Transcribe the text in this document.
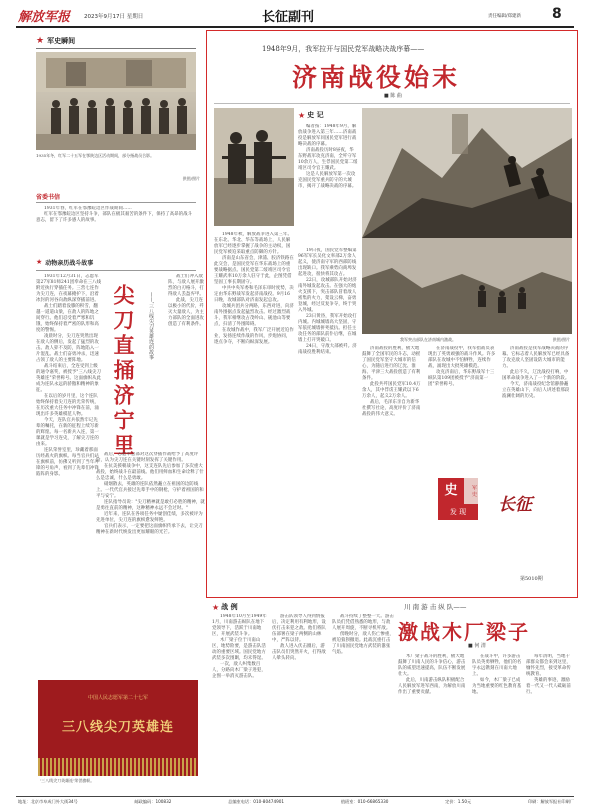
解放军报	2023年9月17日 星期日	长征副刊	责任编辑/郑建新 8
★ 军史瞬间
1935年冬，红军二十五军在鄂陕边区活动期间，部分指战员合影。
供图/照片
省委书信

1931年春，红军在鄂豫皖边区作战期间……

红军在鄂豫皖边区坚持斗争，部队在极其艰苦的条件下，保持了高昂的战斗意志，留下了许多感人的故事。

★ 动物亲历战斗故事

1931年12月31日，志愿军第27军81师241团奉命在三八线附近执行穿插任务。三营七连作为尖刀连，在夜幕掩护下，沿着冰封的河谷向敌纵深穿插前进。

战士们踏着没膝的积雪，翻越一道道山梁，在敌人的阵地之间穿行。他们忍受着严寒和饥饿，始终保持着严密的队形和高度的警惕。

凌晨时分，尖刀连突然出现在敌人的侧后，发起了猛烈的攻击。敌人猝不及防，阵地陷入一片混乱。战士们奋勇冲杀，迅速占领了敌人的主要阵地。

战斗结束后，全连受到上级的通令嘉奖，被授予"三八线尖刀英雄连"荣誉称号。这面旗帜从此成为连队永远的骄傲和精神的象征。

在以后的岁月里，这个连队始终保持着尖刀连的光荣传统，在历次重大任务中冲锋在前，涌现出许多英雄模范人物。

今天，连队官兵依然牢记先辈的嘱托，在新的征程上续写新的辉煌。每一名新兵入连，第一课就是学习连史，了解尖刀连的由来。

连队荣誉室里，珍藏着那面历经战火的旗帜。每当官兵们站在旗帜前，仿佛又听到了当年冲锋的号角声，看到了先辈们冲锋陷阵的身影。

尖刀直捅济宁里	——'三八线尖刀英雄连'的故事

战士们冲入敌阵，与敌人展开激烈的白刃格斗，打得敌人丢盔弃甲。

此战，尖刀连以极小的代价，歼灭大量敌人，为主力部队的全面进攻创造了有利条件。

战后，志愿军总部对这次穿插作战给予了高度评价，认为尖刀连在关键时刻发挥了关键作用。

在抗美援朝战争中，这支连队先后参加了多次重大战役，始终战斗在最前线。他们用鲜血和生命诠释了什么是忠诚，什么是勇敢。

硝烟散去，英雄的连队依然矗立在祖国的边防线上。一代代官兵接过先辈手中的钢枪，守护着祖国的和平与安宁。

连队指导员说："尖刀精神就是敢打必胜的精神，就是勇往直前的精神，这种精神永远不会过时。"

近年来，连队在各项任务中屡创佳绩，多次被评为先进单位，尖刀连的旗帜愈发鲜艳。

官兵们表示，一定要把这面旗帜传承下去，让尖刀精神在新时代焕发出更加耀眼的光芒。

中国人民志愿军第二十七军
三八线尖刀英雄连
'三八线尖刀英雄连'荣誉旗帜。
1948年9月，我军拉开与国民党军战略决战序幕——
济南战役始末
■ 陈 曲
★ 史 记

编者按：1948年9月，解放战争进入第三年……济南战役是解放军同国民党军进行战略决战的序幕。

济南战役历时8昼夜，华东野战军攻克济南，全歼守军10余万人，生俘国民党第二绥靖区司令官王耀武。

这是人民解放军第一次攻克国民党军重兵防守的大城市，揭开了战略决战的序幕。

我军突击部队在济南城内激战。	供图/照片

1948年秋，解放战争进入第三年。在东北、华北、华东等战场上，人民解放军已经逐步掌握了战争的主动权，国民党军被迫采取重点防御的方针。

济南是山东省会，津浦、胶济铁路在此交会，是国民党军在华东战场上的重要战略据点。国民党第二绥靖区司令官王耀武率10万余人驻守于此，企图凭借坚固工事长期固守。

中共中央军委和毛泽东审时度势，决定由华东野战军发起济南战役。9月16日晚，攻城部队对济南发起总攻。

攻城兵团兵分两路，东西对进，向济南外围据点发起猛烈攻击。经过激烈战斗，我军相继攻占茂岭山、砚池山等要点，扫清了外围障碍。

在攻城作战中，我军广泛开展近迫作业，发扬连续作战的作风，步炮协同，逐点争夺，不断向纵深发展。

19日夜，国民党军整编第96军军长吴化文率部2万余人起义，使济南守军的西部防线出现缺口。我军乘势向商埠发起进攻，很快将其攻占。

22日，攻城部队开始对济南外城发起攻击。在强大的炮火支援下，突击部队冒着敌人密集的火力，架设云梯，奋勇登城，经过反复争夺，终于突入外城。

23日黄昏，我军开始攻打内城。内城城墙高大坚固，守军依托城墙拼死抵抗。担任主攻任务的部队前仆后继，在城墙上打开突破口。

24日，守敌大部被歼。济南战役胜利结束。

济南战役的胜利，极大地鼓舞了全国军民的斗志，动摇了国民党军坚守大城市的信心，为随后进行的辽沈、淮海、平津三大战役创造了有利条件。

此役共歼国民党军10.4万余人，其中俘虏王耀武以下6万余人，起义2万余人。

战后，毛泽东亲自为新华社撰写社论，高度评价了济南战役的伟大意义。

在济南战役中，我军指战员表现出了英勇顽强的战斗作风。许多部队在攻城中不怕牺牲，连续作战，涌现出大批英雄模范。

攻克济南后，华东野战军十三纵队第109团被授予"济南第一团"荣誉称号。

济南战役是我军战略决战的序幕。它标志着人民解放军已经具备了攻克敌人坚固设防大城市的能力。

此后不久，辽沈战役打响，中国革命战争进入了一个新的阶段。

今天，济南战役纪念馆静静矗立在英雄山下，向后人讲述着那段波澜壮阔的历史。

史	军 史
发 现	长征
第5010期
★ 战 例	川 南 游 击 纵 队——
激战木厂梁子
■ 何 清

1948年10月至1949年1月，川南游击纵队在地下党领导下，活跃于川南地区，开展武装斗争。

木厂梁子位于川南山区，地势险要，是游击队活动的重要区域。国民党地方武装多次围剿，均未得逞。

一次，敌人纠集数百人，分路向木厂梁子进犯，企图一举消灭游击队。

游击队领导人得到情报后，决定利用有利地形，设伏打击来犯之敌。他们将队伍部署在梁子两侧的山林中，严阵以待。

敌人进入伏击圈后，游击队员们突然开火，打得敌人晕头转向。

战斗持续了整整一天。游击队员们凭借熟悉的地形，与敌人展开周旋，不断寻机歼敌。

傍晚时分，敌人伤亡惨重，被迫狼狈撤退。此战沉重打击了川南国民党地方武装的嚣张气焰。

木厂梁子战斗的胜利，极大地鼓舞了川南人民的斗争信心，游击队的威望迅速提高，队伍不断发展壮大。

此后，川南游击纵队积极配合人民解放军进军西南，为解放川南作出了重要贡献。

在战斗中，许多游击队员英勇牺牲，他们的名字永远镌刻在川南大地上。

如今，木厂梁子已成为当地重要的红色教育基地。

每年清明，当地干部群众都会来到这里，缅怀先烈，接受革命传统教育。

英雄的事迹，激励着一代又一代人砥砺前行。

地址：北京市阜成门外大街34号	邮政编码：100832	总编室电话：010-80474901	值班室：010-66865330	定价：1.50元	印刷：解放军报社印刷厂
